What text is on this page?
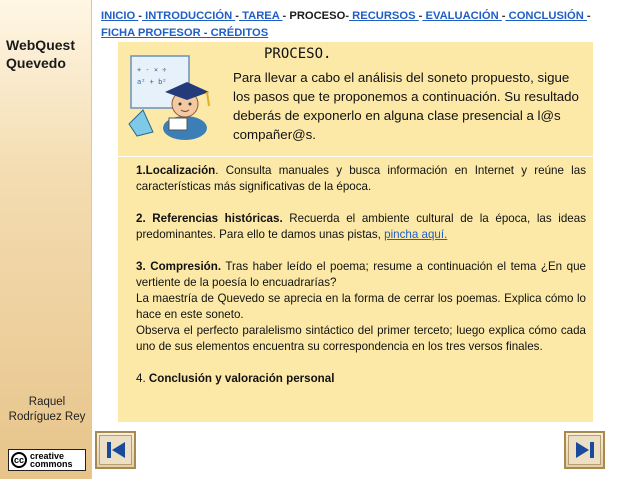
WebQuest Quevedo
Raquel
Rodríguez Rey
cc creative
commons
INICIO - INTRODUCCIÓN - TAREA - PROCESO- RECURSOS - EVALUACIÓN - CONCLUSIÓN -
FICHA PROFESOR - CRÉDITOS
+ - × ÷
a² + b²
PROCESO.
Para llevar a cabo el análisis del soneto propuesto, sigue los pasos que te proponemos a continuación. Su resultado deberás de exponerlo en alguna clase presencial a l@s compañer@s.

1.Localización. Consulta manuales y busca información en Internet y reúne las características más significativas de la época.

2. Referencias históricas. Recuerda el ambiente cultural de la época, las ideas predominantes. Para ello te damos unas pistas, pincha aquí.

3. Compresión. Tras haber leído el poema; resume a continuación el tema ¿En que vertiente de la poesía lo encuadrarías?
La maestría de Quevedo se aprecia en la forma de cerrar los poemas. Explica cómo lo hace en este soneto.
Observa el perfecto paralelismo sintáctico del primer terceto; luego explica cómo cada uno de sus elementos encuentra su correspondencia en los tres versos finales.

4. Conclusión y valoración personal
